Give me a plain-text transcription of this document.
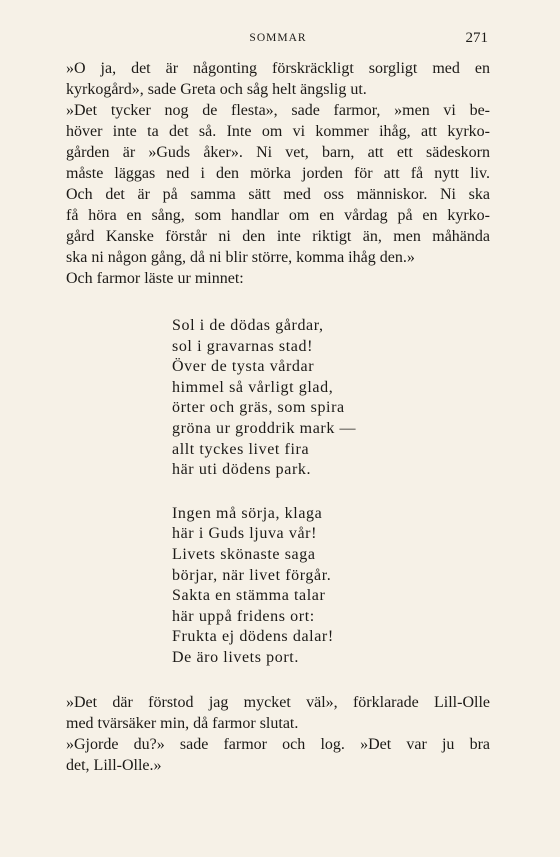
SOMMAR	271

»O ja, det är någonting förskräckligt sorgligt med en
kyrkogård», sade Greta och såg helt ängslig ut.

»Det tycker nog de flesta», sade farmor, »men vi be-
höver inte ta det så. Inte om vi kommer ihåg, att kyrko-
gården är »Guds åker». Ni vet, barn, att ett sädeskorn
måste läggas ned i den mörka jorden för att få nytt liv.
Och det är på samma sätt med oss människor. Ni ska
få höra en sång, som handlar om en vårdag på en kyrko-
gård Kanske förstår ni den inte riktigt än, men måhända
ska ni någon gång, då ni blir större, komma ihåg den.»

Och farmor läste ur minnet:

Sol i de dödas gårdar,
sol i gravarnas stad!
Över de tysta vårdar
himmel så vårligt glad,
örter och gräs, som spira
gröna ur groddrik mark —
allt tyckes livet fira
här uti dödens park.
Ingen må sörja, klaga
här i Guds ljuva vår!
Livets skönaste saga
börjar, när livet förgår.
Sakta en stämma talar
här uppå fridens ort:
Frukta ej dödens dalar!
De äro livets port.

»Det där förstod jag mycket väl», förklarade Lill-Olle
med tvärsäker min, då farmor slutat.

»Gjorde du?» sade farmor och log. »Det var ju bra
det, Lill-Olle.»
